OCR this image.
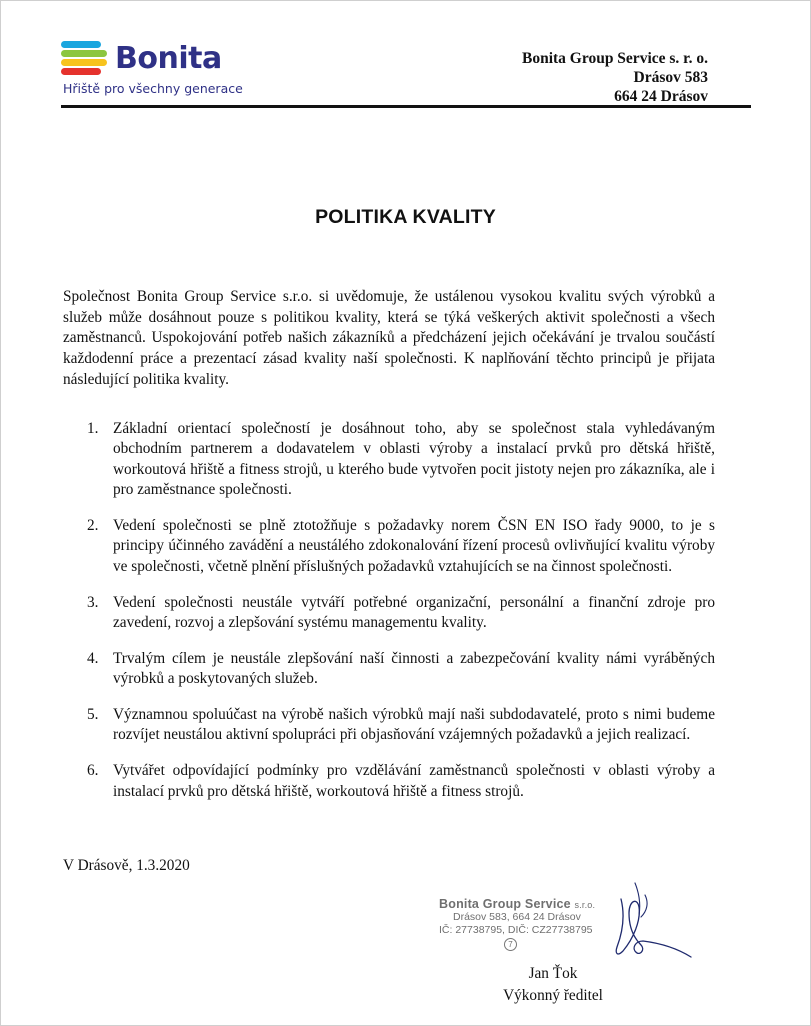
Bonita
Hřiště pro všechny generace
Bonita Group Service s. r. o.
Drásov 583
664 24 Drásov
POLITIKA KVALITY

Společnost Bonita Group Service s.r.o. si uvědomuje, že ustálenou vysokou kvalitu svých výrobků a služeb může dosáhnout pouze s politikou kvality, která se týká veškerých aktivit společnosti a všech zaměstnanců. Uspokojování potřeb našich zákazníků a předcházení jejich očekávání je trvalou součástí každodenní práce a prezentací zásad kvality naší společnosti. K naplňování těchto principů je přijata následující politika kvality.

1. Základní orientací společností je dosáhnout toho, aby se společnost stala vyhledávaným obchodním partnerem a dodavatelem v oblasti výroby a instalací prvků pro dětská hřiště, workoutová hřiště a fitness strojů, u kterého bude vytvořen pocit jistoty nejen pro zákazníka, ale i pro zaměstnance společnosti.
2. Vedení společnosti se plně ztotožňuje s požadavky norem ČSN EN ISO řady 9000, to je s principy účinného zavádění a neustálého zdokonalování řízení procesů ovlivňující kvalitu výroby ve společnosti, včetně plnění příslušných požadavků vztahujících se na činnost společnosti.
3. Vedení společnosti neustále vytváří potřebné organizační, personální a finanční zdroje pro zavedení, rozvoj a zlepšování systému managementu kvality.
4. Trvalým cílem je neustále zlepšování naší činnosti a zabezpečování kvality námi vyráběných výrobků a poskytovaných služeb.
5. Významnou spoluúčast na výrobě našich výrobků mají naši subdodavatelé, proto s nimi budeme rozvíjet neustálou aktivní spolupráci při objasňování vzájemných požadavků a jejich realizací.
6. Vytvářet odpovídající podmínky pro vzdělávání zaměstnanců společnosti v oblasti výroby a instalací prvků pro dětská hřiště, workoutová hřiště a fitness strojů.
V Drásově, 1.3.2020
Bonita Group Service s.r.o.
Drásov 583, 664 24 Drásov
IČ: 27738795, DIČ: CZ27738795
7
Jan Ťok
Výkonný ředitel
